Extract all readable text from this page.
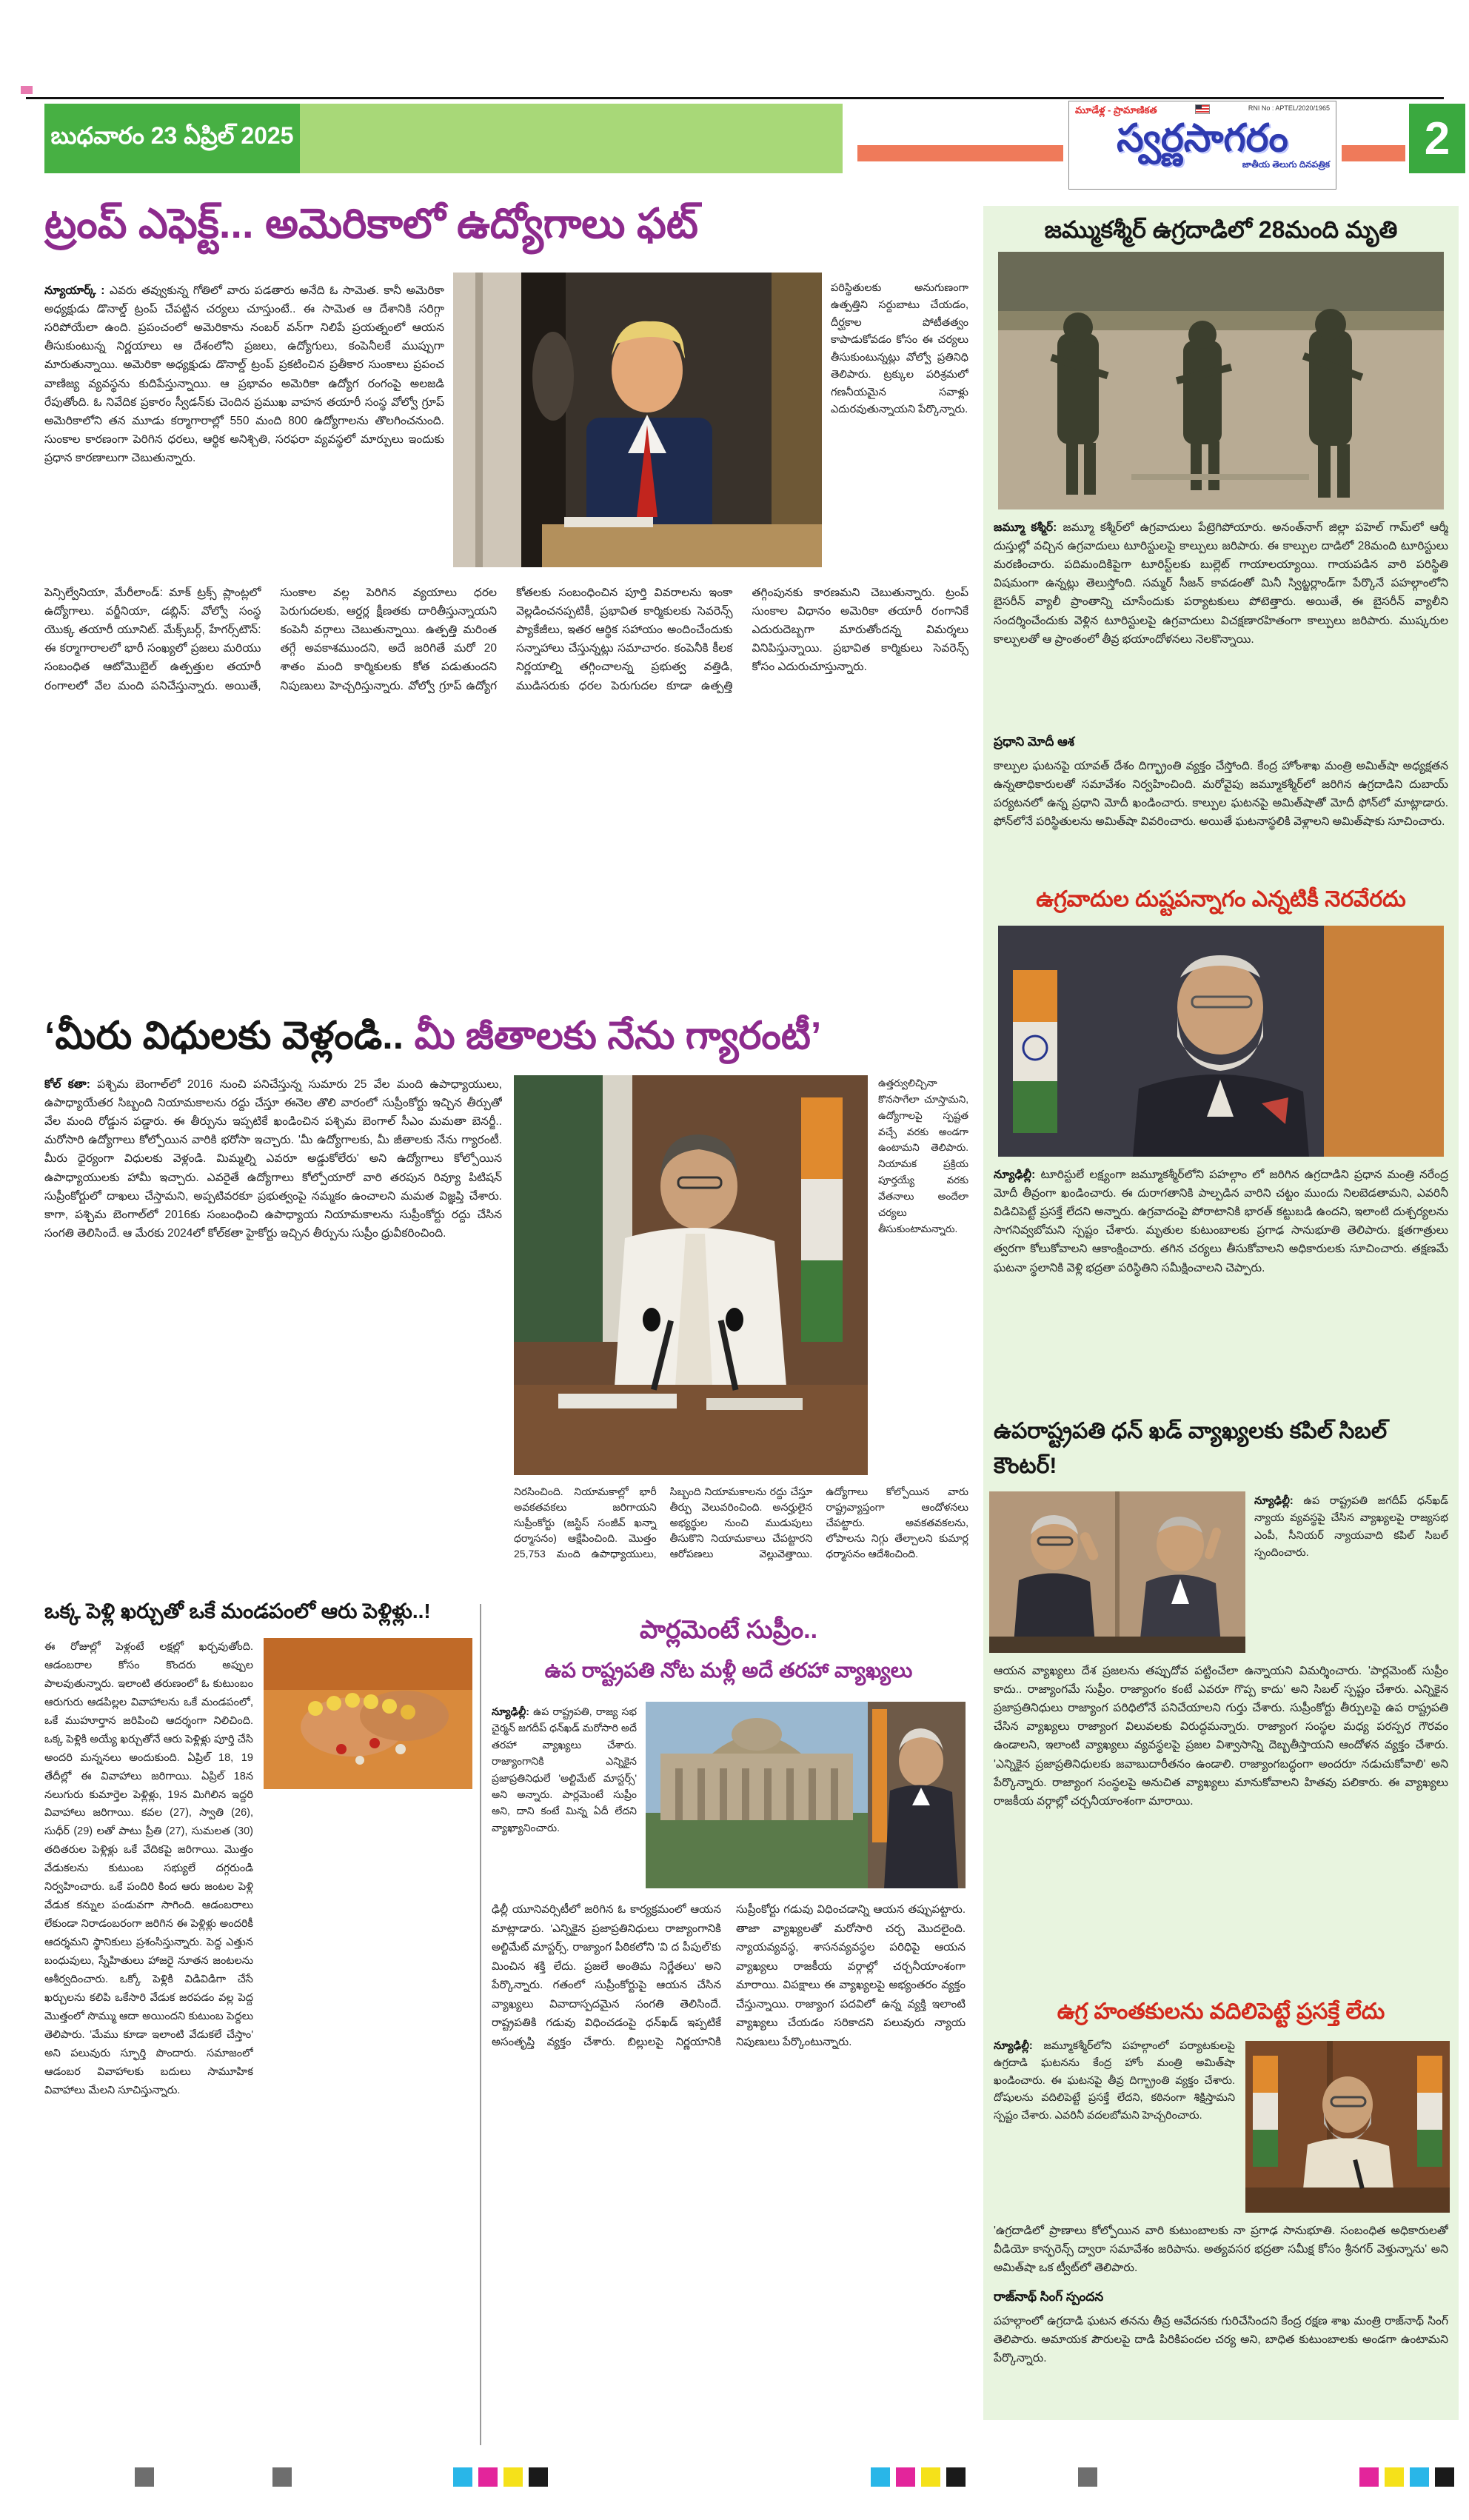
బుధవారం 23 ఏప్రిల్ 2025
మూడేళ్ల - ప్రామాణికత	RNI No : APTEL/2020/1965
స్వర్ణసాగరం
జాతీయ తెలుగు దినపత్రిక
2
ట్రంప్ ఎఫెక్ట్... అమెరికాలో ఉద్యోగాలు ఫట్
న్యూయార్క్ : ఎవరు తవ్వుకున్న గోతిలో వారు పడతారు అనేది ఓ సామెత. కానీ అమెరికా అధ్యక్షుడు డొనాల్డ్ ట్రంప్ చేపట్టిన చర్యలు చూస్తుంటే.. ఈ సామెత ఆ దేశానికి సరిగ్గా సరిపోయేలా ఉంది. ప్రపంచంలో అమెరికాను నంబర్ వన్‌గా నిలిపే ప్రయత్నంలో ఆయన తీసుకుంటున్న నిర్ణయాలు ఆ దేశంలోని ప్రజలు, ఉద్యోగులు, కంపెనీలకే ముప్పుగా మారుతున్నాయి. అమెరికా అధ్యక్షుడు డొనాల్డ్ ట్రంప్ ప్రకటించిన ప్రతీకార సుంకాలు ప్రపంచ వాణిజ్య వ్యవస్థను కుదిపేస్తున్నాయి. ఆ ప్రభావం అమెరికా ఉద్యోగ రంగంపై అలజడి రేపుతోంది. ఓ నివేదిక ప్రకారం స్వీడన్‌కు చెందిన ప్రముఖ వాహన తయారీ సంస్థ వోల్వో గ్రూప్ అమెరికాలోని తన మూడు కర్మాగారాల్లో 550 మంది 800 ఉద్యోగాలను తొలగించనుంది. సుంకాల కారణంగా పెరిగిన ధరలు, ఆర్థిక అనిశ్చితి, సరఫరా వ్యవస్థలో మార్పులు ఇందుకు ప్రధాన కారణాలుగా చెబుతున్నారు.
పరిస్థితులకు అనుగుణంగా ఉత్పత్తిని సర్దుబాటు చేయడం, దీర్ఘకాల పోటీతత్వం కాపాడుకోవడం కోసం ఈ చర్యలు తీసుకుంటున్నట్లు వోల్వో ప్రతినిధి తెలిపారు. ట్రక్కుల పరిశ్రమలో గణనీయమైన సవాళ్లు ఎదురవుతున్నాయని పేర్కొన్నారు.
పెన్సిల్వేనియా, మేరీలాండ్: మాక్ ట్రక్స్ ప్లాంట్లలో ఉద్యోగాలు. వర్జీనియా, డబ్లిన్: వోల్వో సంస్థ యొక్క తయారీ యూనిట్. మేక్స్‌బర్గ్, హేగర్స్‌టౌన్: ఈ కర్మాగారాలలో భారీ సంఖ్యలో ప్రజలు మరియు సంబంధిత ఆటోమొబైల్ ఉత్పత్తుల తయారీ రంగాలలో వేల మంది పనిచేస్తున్నారు. అయితే, సుంకాల వల్ల పెరిగిన వ్యయాలు ధరల పెరుగుదలకు, ఆర్డర్ల క్షీణతకు దారితీస్తున్నాయని కంపెనీ వర్గాలు చెబుతున్నాయి. ఉత్పత్తి మరింత తగ్గే అవకాశముందని, అదే జరిగితే మరో 20 శాతం మంది కార్మికులకు కోత పడుతుందని నిపుణులు హెచ్చరిస్తున్నారు. వోల్వో గ్రూప్ ఉద్యోగ కోతలకు సంబంధించిన పూర్తి వివరాలను ఇంకా వెల్లడించనప్పటికీ, ప్రభావిత కార్మికులకు సెవరెన్స్ ప్యాకేజీలు, ఇతర ఆర్థిక సహాయం అందించేందుకు సన్నాహాలు చేస్తున్నట్లు సమాచారం. కంపెనీకి కీలక నిర్ణయాల్ని తగ్గించాలన్న ప్రభుత్వ వత్తిడి, ముడిసరుకు ధరల పెరుగుదల కూడా ఉత్పత్తి తగ్గింపునకు కారణమని చెబుతున్నారు. ట్రంప్ సుంకాల విధానం అమెరికా తయారీ రంగానికే ఎదురుదెబ్బగా మారుతోందన్న విమర్శలు వినిపిస్తున్నాయి. ప్రభావిత కార్మికులు సెవరెన్స్ కోసం ఎదురుచూస్తున్నారు.
‘మీరు విధులకు వెళ్లండి.. మీ జీతాలకు నేను గ్యారంటీ’
కోల్ కతా: పశ్చిమ బెంగాల్‌లో 2016 నుంచి పనిచేస్తున్న సుమారు 25 వేల మంది ఉపాధ్యాయులు, ఉపాధ్యాయేతర సిబ్బంది నియామకాలను రద్దు చేస్తూ ఈనెల తొలి వారంలో సుప్రీంకోర్టు ఇచ్చిన తీర్పుతో వేల మంది రోడ్డున పడ్డారు. ఈ తీర్పును ఇప్పటికే ఖండించిన పశ్చిమ బెంగాల్ సీఎం మమతా బెనర్జీ.. మరోసారి ఉద్యోగాలు కోల్పోయిన వారికి భరోసా ఇచ్చారు. 'మీ ఉద్యోగాలకు, మీ జీతాలకు నేను గ్యారంటీ. మీరు ధైర్యంగా విధులకు వెళ్లండి. మిమ్మల్ని ఎవరూ అడ్డుకోలేరు' అని ఉద్యోగాలు కోల్పోయిన ఉపాధ్యాయులకు హామీ ఇచ్చారు. ఎవరైతే ఉద్యోగాలు కోల్పోయారో వారి తరపున రివ్యూ పిటిషన్ సుప్రీంకోర్టులో దాఖలు చేస్తామని, అప్పటివరకూ ప్రభుత్వంపై నమ్మకం ఉంచాలని మమత విజ్ఞప్తి చేశారు. కాగా, పశ్చిమ బెంగాల్‌లో 2016కు సంబంధించి ఉపాధ్యాయ నియామకాలను సుప్రీంకోర్టు రద్దు చేసిన సంగతి తెలిసిందే. ఆ మేరకు 2024లో కోల్‌కతా హైకోర్టు ఇచ్చిన తీర్పును సుప్రీం ధ్రువీకరించింది.
ఉత్తర్వులిచ్చినా కొనసాగేలా చూస్తామని, ఉద్యోగాలపై స్పష్టత వచ్చే వరకు అండగా ఉంటామని తెలిపారు. నియామక ప్రక్రియ పూర్తయ్యే వరకు వేతనాలు అందేలా చర్యలు తీసుకుంటామన్నారు.
నిరసించింది. నియామకాల్లో భారీ అవకతవకలు జరిగాయని సుప్రీంకోర్టు (జస్టిస్ సంజీవ్ ఖన్నా ధర్మాసనం) ఆక్షేపించింది. మొత్తం 25,753 మంది ఉపాధ్యాయులు, సిబ్బంది నియామకాలను రద్దు చేస్తూ తీర్పు వెలువరించింది. అనర్హులైన అభ్యర్థుల నుంచి ముడుపులు తీసుకొని నియామకాలు చేపట్టారని ఆరోపణలు వెల్లువెత్తాయి. ఉద్యోగాలు కోల్పోయిన వారు రాష్ట్రవ్యాప్తంగా ఆందోళనలు చేపట్టారు. అవకతవకలను, లోపాలను నిగ్గు తేల్చాలని కుమార్ల ధర్మాసనం ఆదేశించింది.
ఒక్క పెళ్లి ఖర్చుతో ఒకే మండపంలో ఆరు పెళ్లిళ్లు..!
ఈ రోజుల్లో పెళ్లంటే లక్షల్లో ఖర్చవుతోంది. ఆడంబరాల కోసం కొందరు అప్పుల పాలవుతున్నారు. ఇలాంటి తరుణంలో ఓ కుటుంబం ఆరుగురు ఆడపిల్లల వివాహాలను ఒకే మండపంలో, ఒకే ముహూర్తాన జరిపించి ఆదర్శంగా నిలిచింది. ఒక్క పెళ్లికి అయ్యే ఖర్చుతోనే ఆరు పెళ్లిళ్లు పూర్తి చేసి అందరి మన్ననలు అందుకుంది. ఏప్రిల్ 18, 19 తేదీల్లో ఈ వివాహాలు జరిగాయి. ఏప్రిల్ 18న నలుగురు కుమార్తెల పెళ్లిళ్లు, 19న మిగిలిన ఇద్దరి వివాహాలు జరిగాయి. కవల (27), స్వాతి (26), సుధీర్ (29) లతో పాటు ప్రీతి (27), సుమలత (30) తదితరుల పెళ్లిళ్లు ఒకే వేదికపై జరిగాయి. మొత్తం వేడుకలను కుటుంబ సభ్యులే దగ్గరుండి నిర్వహించారు. ఒకే పందిరి కింద ఆరు జంటల పెళ్లి వేడుక కన్నుల పండువగా సాగింది. ఆడంబరాలు లేకుండా నిరాడంబరంగా జరిగిన ఈ పెళ్లిళ్లు అందరికీ ఆదర్శమని స్థానికులు ప్రశంసిస్తున్నారు. పెద్ద ఎత్తున బంధువులు, స్నేహితులు హాజరై నూతన జంటలను ఆశీర్వదించారు. ఒక్కో పెళ్లికి విడివిడిగా చేసే ఖర్చులను కలిపి ఒకేసారి వేడుక జరపడం వల్ల పెద్ద మొత్తంలో సొమ్ము ఆదా అయిందని కుటుంబ పెద్దలు తెలిపారు. 'మేము కూడా ఇలాంటి వేడుకలే చేస్తాం' అని పలువురు స్ఫూర్తి పొందారు. సమాజంలో ఆడంబర వివాహాలకు బదులు సామూహిక వివాహాలు మేలని సూచిస్తున్నారు.
పార్లమెంటే సుప్రీం..
ఉప రాష్ట్రపతి నోట మళ్లీ అదే తరహా వ్యాఖ్యలు
న్యూఢిల్లీ: ఉప రాష్ట్రపతి, రాజ్య సభ చైర్మన్ జగదీప్ ధన్‌ఖడ్ మరోసారి అదే తరహా వ్యాఖ్యలు చేశారు. రాజ్యాంగానికి ఎన్నికైన ప్రజాప్రతినిధులే 'అల్టిమేట్ మాస్టర్స్' అని అన్నారు. పార్లమెంటే సుప్రీం అని, దాని కంటే మిన్న ఏదీ లేదని వ్యాఖ్యానించారు.
ఢిల్లీ యూనివర్సిటీలో జరిగిన ఓ కార్యక్రమంలో ఆయన మాట్లాడారు. 'ఎన్నికైన ప్రజాప్రతినిధులు రాజ్యాంగానికి అల్టిమేట్ మాస్టర్స్. రాజ్యాంగ పీఠికలోని 'వి ద పీపుల్'కు మించిన శక్తి లేదు. ప్రజలే అంతిమ నిర్ణేతలు' అని పేర్కొన్నారు. గతంలో సుప్రీంకోర్టుపై ఆయన చేసిన వ్యాఖ్యలు వివాదాస్పదమైన సంగతి తెలిసిందే. రాష్ట్రపతికి గడువు విధించడంపై ధన్‌ఖడ్ ఇప్పటికే అసంతృప్తి వ్యక్తం చేశారు. బిల్లులపై నిర్ణయానికి సుప్రీంకోర్టు గడువు విధించడాన్ని ఆయన తప్పుపట్టారు. తాజా వ్యాఖ్యలతో మరోసారి చర్చ మొదలైంది. న్యాయవ్యవస్థ, శాసనవ్యవస్థల పరిధిపై ఆయన వ్యాఖ్యలు రాజకీయ వర్గాల్లో చర్చనీయాంశంగా మారాయి. విపక్షాలు ఈ వ్యాఖ్యలపై అభ్యంతరం వ్యక్తం చేస్తున్నాయి. రాజ్యాంగ పదవిలో ఉన్న వ్యక్తి ఇలాంటి వ్యాఖ్యలు చేయడం సరికాదని పలువురు న్యాయ నిపుణులు పేర్కొంటున్నారు.
జమ్ముకశ్మీర్ ఉగ్రదాడిలో 28మంది మృతి
జమ్మూ కశ్మీర్: జమ్మూ కశ్మీర్‌లో ఉగ్రవాదులు పేట్రెగిపోయారు. అనంత్‌నాగ్ జిల్లా పహెల్ గామ్‌లో ఆర్మీ దుస్తుల్లో వచ్చిన ఉగ్రవాదులు టూరిస్టులపై కాల్పులు జరిపారు. ఈ కాల్పుల దాడిలో 28మంది టూరిస్టులు మరణించారు. పదిమందికిపైగా టూరిస్ట్‌లకు బుల్లెట్ గాయాలయ్యాయి. గాయపడిన వారి పరిస్థితి విషమంగా ఉన్నట్లు తెలుస్తోంది. సమ్మర్ సీజన్ కావడంతో మినీ స్విట్జర్లాండ్‌గా పేర్కొనే పహల్గాంలోని బైసరీన్ వ్యాలీ ప్రాంతాన్ని చూసేందుకు పర్యాటకులు పోటెత్తారు. అయితే, ఈ బైసరీన్ వ్యాలీని సందర్శించేందుకు వెళ్లిన టూరిస్టులపై ఉగ్రవాదులు విచక్షణారహితంగా కాల్పులు జరిపారు. ముష్కరుల కాల్పులతో ఆ ప్రాంతంలో తీవ్ర భయాందోళనలు నెలకొన్నాయి.
ప్రధాని మోదీ ఆశ
కాల్పుల ఘటనపై యావత్ దేశం దిగ్భ్రాంతి వ్యక్తం చేస్తోంది. కేంద్ర హోంశాఖ మంత్రి అమిత్‌షా అధ్యక్షతన ఉన్నతాధికారులతో సమావేశం నిర్వహించింది. మరోవైపు జమ్మూకశ్మీర్‌లో జరిగిన ఉగ్రదాడిని దుబాయ్ పర్యటనలో ఉన్న ప్రధాని మోదీ ఖండించారు. కాల్పుల ఘటనపై అమిత్‌షాతో మోదీ ఫోన్‌లో మాట్లాడారు. ఫోన్‌లోనే పరిస్థితులను అమిత్‌షా వివరించారు. అయితే ఘటనాస్థలికి వెళ్లాలని అమిత్‌షాకు సూచించారు.
ఉగ్రవాదుల దుష్టపన్నాగం ఎన్నటికీ నెరవేరదు
న్యూఢిల్లీ: టూరిస్టులే లక్ష్యంగా జమ్మూకశ్మీర్‌లోని పహల్గాం లో జరిగిన ఉగ్రదాడిని ప్రధాన మంత్రి నరేంద్ర మోదీ తీవ్రంగా ఖండించారు. ఈ దురాగతానికి పాల్పడిన వారిని చట్టం ముందు నిలబెడతామని, ఎవరినీ విడిచిపెట్టే ప్రసక్తే లేదని అన్నారు. ఉగ్రవాదంపై పోరాటానికి భారత్ కట్టుబడి ఉందని, ఇలాంటి దుశ్చర్యలను సాగనివ్వబోమని స్పష్టం చేశారు. మృతుల కుటుంబాలకు ప్రగాఢ సానుభూతి తెలిపారు. క్షతగాత్రులు త్వరగా కోలుకోవాలని ఆకాంక్షించారు. తగిన చర్యలు తీసుకోవాలని అధికారులకు సూచించారు. తక్షణమే ఘటనా స్థలానికి వెళ్లి భద్రతా పరిస్థితిని సమీక్షించాలని చెప్పారు.
ఉపరాష్ట్రపతి ధన్ ఖడ్ వ్యాఖ్యలకు కపిల్ సిబల్ కౌంటర్!
న్యూఢిల్లీ: ఉప రాష్ట్రపతి జగదీప్ ధన్‌ఖడ్ న్యాయ వ్యవస్థపై చేసిన వ్యాఖ్యలపై రాజ్యసభ ఎంపీ, సీనియర్ న్యాయవాది కపిల్ సిబల్ స్పందించారు.
ఆయన వ్యాఖ్యలు దేశ ప్రజలను తప్పుదోవ పట్టించేలా ఉన్నాయని విమర్శించారు. 'పార్లమెంట్ సుప్రీం కాదు.. రాజ్యాంగమే సుప్రీం. రాజ్యాంగం కంటే ఎవరూ గొప్ప కాదు' అని సిబల్ స్పష్టం చేశారు. ఎన్నికైన ప్రజాప్రతినిధులు రాజ్యాంగ పరిధిలోనే పనిచేయాలని గుర్తు చేశారు. సుప్రీంకోర్టు తీర్పులపై ఉప రాష్ట్రపతి చేసిన వ్యాఖ్యలు రాజ్యాంగ విలువలకు విరుద్ధమన్నారు. రాజ్యాంగ సంస్థల మధ్య పరస్పర గౌరవం ఉండాలని, ఇలాంటి వ్యాఖ్యలు వ్యవస్థలపై ప్రజల విశ్వాసాన్ని దెబ్బతీస్తాయని ఆందోళన వ్యక్తం చేశారు. 'ఎన్నికైన ప్రజాప్రతినిధులకు జవాబుదారీతనం ఉండాలి. రాజ్యాంగబద్ధంగా అందరూ నడుచుకోవాలి' అని పేర్కొన్నారు. రాజ్యాంగ సంస్థలపై అనుచిత వ్యాఖ్యలు మానుకోవాలని హితవు పలికారు. ఈ వ్యాఖ్యలు రాజకీయ వర్గాల్లో చర్చనీయాంశంగా మారాయి.
ఉగ్ర హంతకులను వదిలిపెట్టే ప్రసక్తే లేదు
న్యూఢిల్లీ: జమ్మూకశ్మీర్‌లోని పహల్గాంలో పర్యాటకులపై ఉగ్రదాడి ఘటనను కేంద్ర హోం మంత్రి అమిత్‌షా ఖండించారు. ఈ ఘటనపై తీవ్ర దిగ్భ్రాంతి వ్యక్తం చేశారు. దోషులను వదిలిపెట్టే ప్రసక్తే లేదని, కఠినంగా శిక్షిస్తామని స్పష్టం చేశారు. ఎవరినీ వదలబోమని హెచ్చరించారు.
'ఉగ్రదాడిలో ప్రాణాలు కోల్పోయిన వారి కుటుంబాలకు నా ప్రగాఢ సానుభూతి. సంబంధిత అధికారులతో వీడియో కాన్ఫరెన్స్ ద్వారా సమావేశం జరిపాను. అత్యవసర భద్రతా సమీక్ష కోసం శ్రీనగర్ వెళ్తున్నాను' అని అమిత్‌షా ఒక ట్వీట్‌లో తెలిపారు.
రాజ్‌నాథ్ సింగ్ స్పందన
పహల్గాంలో ఉగ్రదాడి ఘటన తనను తీవ్ర ఆవేదనకు గురిచేసిందని కేంద్ర రక్షణ శాఖ మంత్రి రాజ్‌నాథ్ సింగ్ తెలిపారు. అమాయక పౌరులపై దాడి పిరికిపందల చర్య అని, బాధిత కుటుంబాలకు అండగా ఉంటామని పేర్కొన్నారు.
